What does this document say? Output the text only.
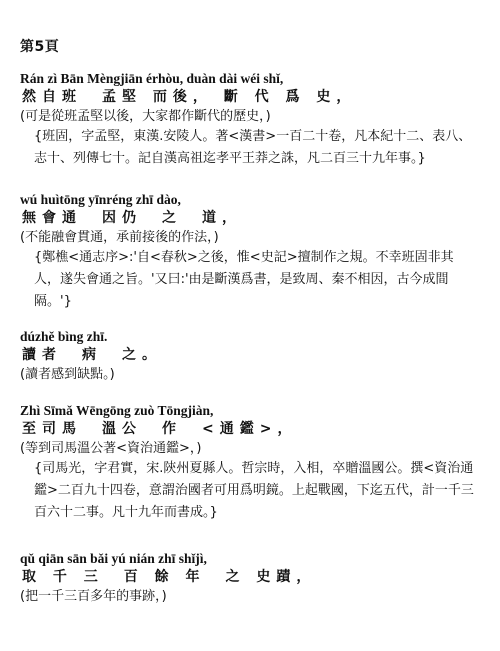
第5頁
Rán zì Bān Mèngjiān érhòu, duàn dài wéi shǐ,
然自班　孟堅 而後， 斷 代 爲 史，
(可是從班孟堅以後，大家都作斷代的歷史，)
{班固，字孟堅，東漢.安陵人。著<漢書>一百二十卷，凡本紀十二、表八、志十、列傳七十。記自漢高祖迄孝平王莽之誅，凡二百三十九年事。}
wú huìtōng yīnréng zhī dào,
無會通　因仍　之　道，
(不能融會貫通，承前接後的作法，)
{鄭樵<通志序>:'自<春秋>之後，惟<史記>擅制作之規。不幸班固非其人，遂失會通之旨。'又曰:'由是斷漢爲書，是致周、秦不相因，古今成間隔。'}
dúzhě bìng zhī.
讀者　病　之。
(讀者感到缺點。)
Zhì Sīmǎ Wēngōng zuò Tōngjiàn,
至司馬　溫公　作　<通鑑>，
(等到司馬溫公著<資治通鑑>，)
{司馬光，字君實，宋.陝州夏縣人。哲宗時，入相，卒贈溫國公。撰<資治通鑑>二百九十四卷，意謂治國者可用爲明鏡。上起戰國，下迄五代，計一千三百六十二事。凡十九年而書成。}
qǔ qiān sān bǎi yú nián zhī shǐjì,
取 千 三　百 餘 年　之 史蹟，
(把一千三百多年的事跡，)
